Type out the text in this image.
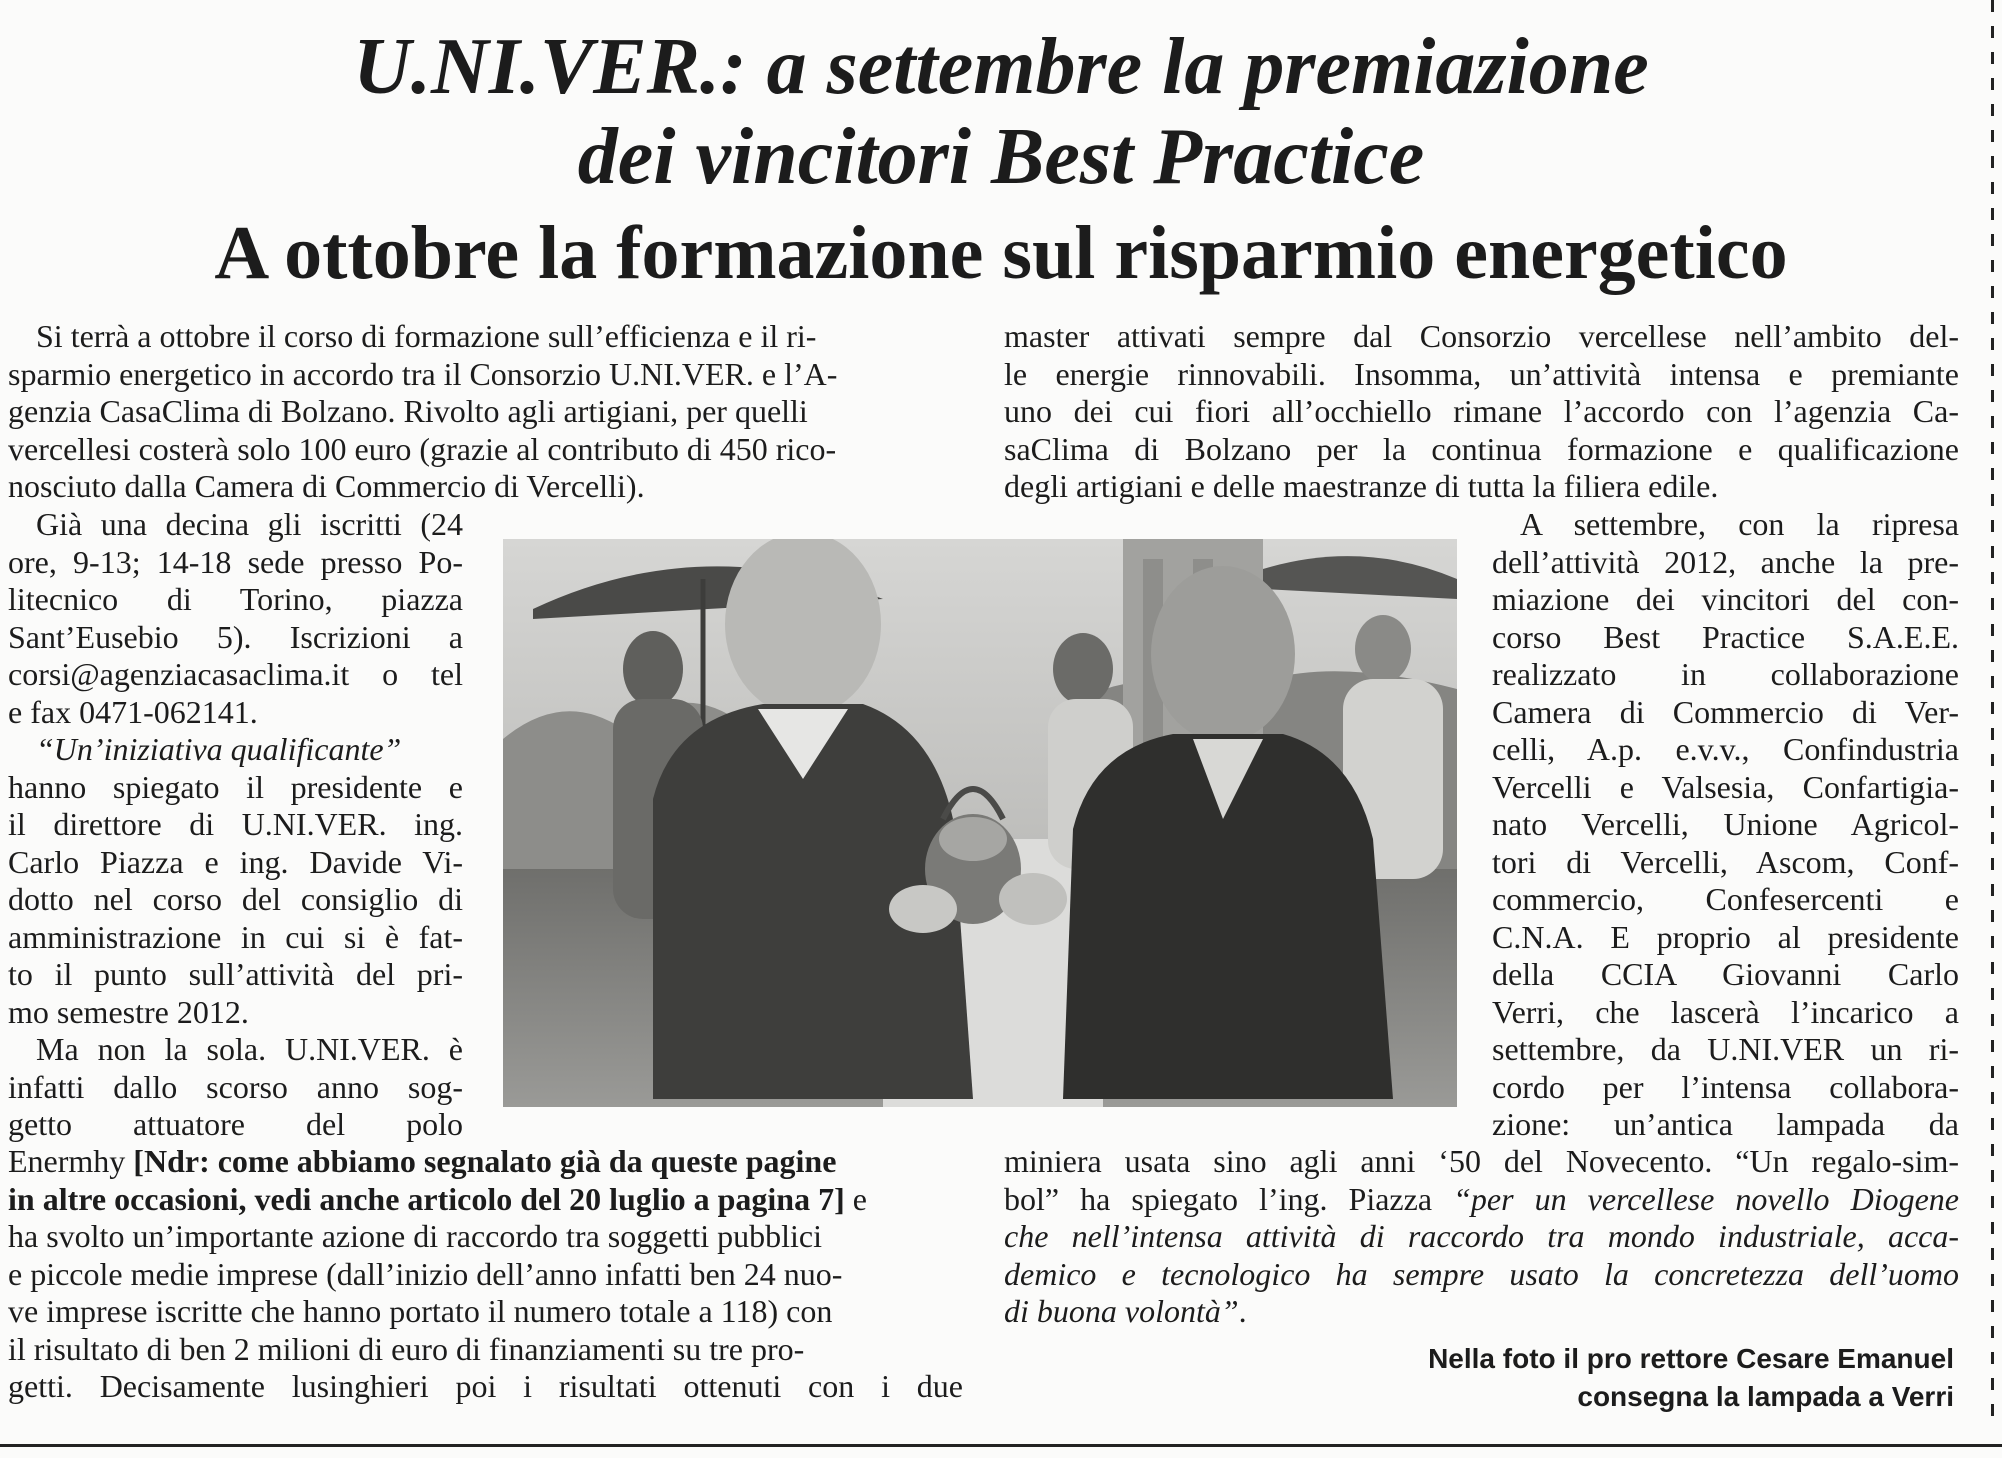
U.NI.VER.: a settembre la premiazione
dei vincitori Best Practice
A ottobre la formazione sul risparmio energetico

Si terrà a ottobre il corso di formazione sull’efficienza e il ri-

sparmio energetico in accordo tra il Consorzio U.NI.VER. e l’A-

genzia CasaClima di Bolzano. Rivolto agli artigiani, per quelli

vercellesi costerà solo 100 euro (grazie al contributo di 450 rico-

nosciuto dalla Camera di Commercio di Vercelli).

Già una decina gli iscritti (24

ore, 9-13; 14-18 sede presso Po-

litecnico di Torino, piazza

Sant’Eusebio 5). Iscrizioni a

corsi@agenziacasaclima.it o tel

e fax 0471-062141.

“Un’iniziativa qualificante”

hanno spiegato il presidente e

il direttore di U.NI.VER. ing.

Carlo Piazza e ing. Davide Vi-

dotto nel corso del consiglio di

amministrazione in cui si è fat-

to il punto sull’attività del pri-

mo semestre 2012.

Ma non la sola. U.NI.VER. è

infatti dallo scorso anno sog-

getto attuatore del polo

Enermhy [Ndr: come abbiamo segnalato già da queste pagine

in altre occasioni, vedi anche articolo del 20 luglio a pagina 7] e

ha svolto un’importante azione di raccordo tra soggetti pubblici

e piccole medie imprese (dall’inizio dell’anno infatti ben 24 nuo-

ve imprese iscritte che hanno portato il numero totale a 118) con

il risultato di ben 2 milioni di euro di finanziamenti su tre pro-

getti. Decisamente lusinghieri poi i risultati ottenuti con i due

master attivati sempre dal Consorzio vercellese nell’ambito del-

le energie rinnovabili. Insomma, un’attività intensa e premiante

uno dei cui fiori all’occhiello rimane l’accordo con l’agenzia Ca-

saClima di Bolzano per la continua formazione e qualificazione

degli artigiani e delle maestranze di tutta la filiera edile.

A settembre, con la ripresa

dell’attività 2012, anche la pre-

miazione dei vincitori del con-

corso Best Practice S.A.E.E.

realizzato in collaborazione

Camera di Commercio di Ver-

celli, A.p. e.v.v., Confindustria

Vercelli e Valsesia, Confartigia-

nato Vercelli, Unione Agricol-

tori di Vercelli, Ascom, Conf-

commercio, Confesercenti e

C.N.A. E proprio al presidente

della CCIA Giovanni Carlo

Verri, che lascerà l’incarico a

settembre, da U.NI.VER un ri-

cordo per l’intensa collabora-

zione: un’antica lampada da

miniera usata sino agli anni ‘50 del Novecento. “Un regalo-sim-

bol” ha spiegato l’ing. Piazza “per un vercellese novello Diogene

che nell’intensa attività di raccordo tra mondo industriale, acca-

demico e tecnologico ha sempre usato la concretezza dell’uomo

di buona volontà”.

Nella foto il pro rettore Cesare Emanuel
consegna la lampada a Verri
